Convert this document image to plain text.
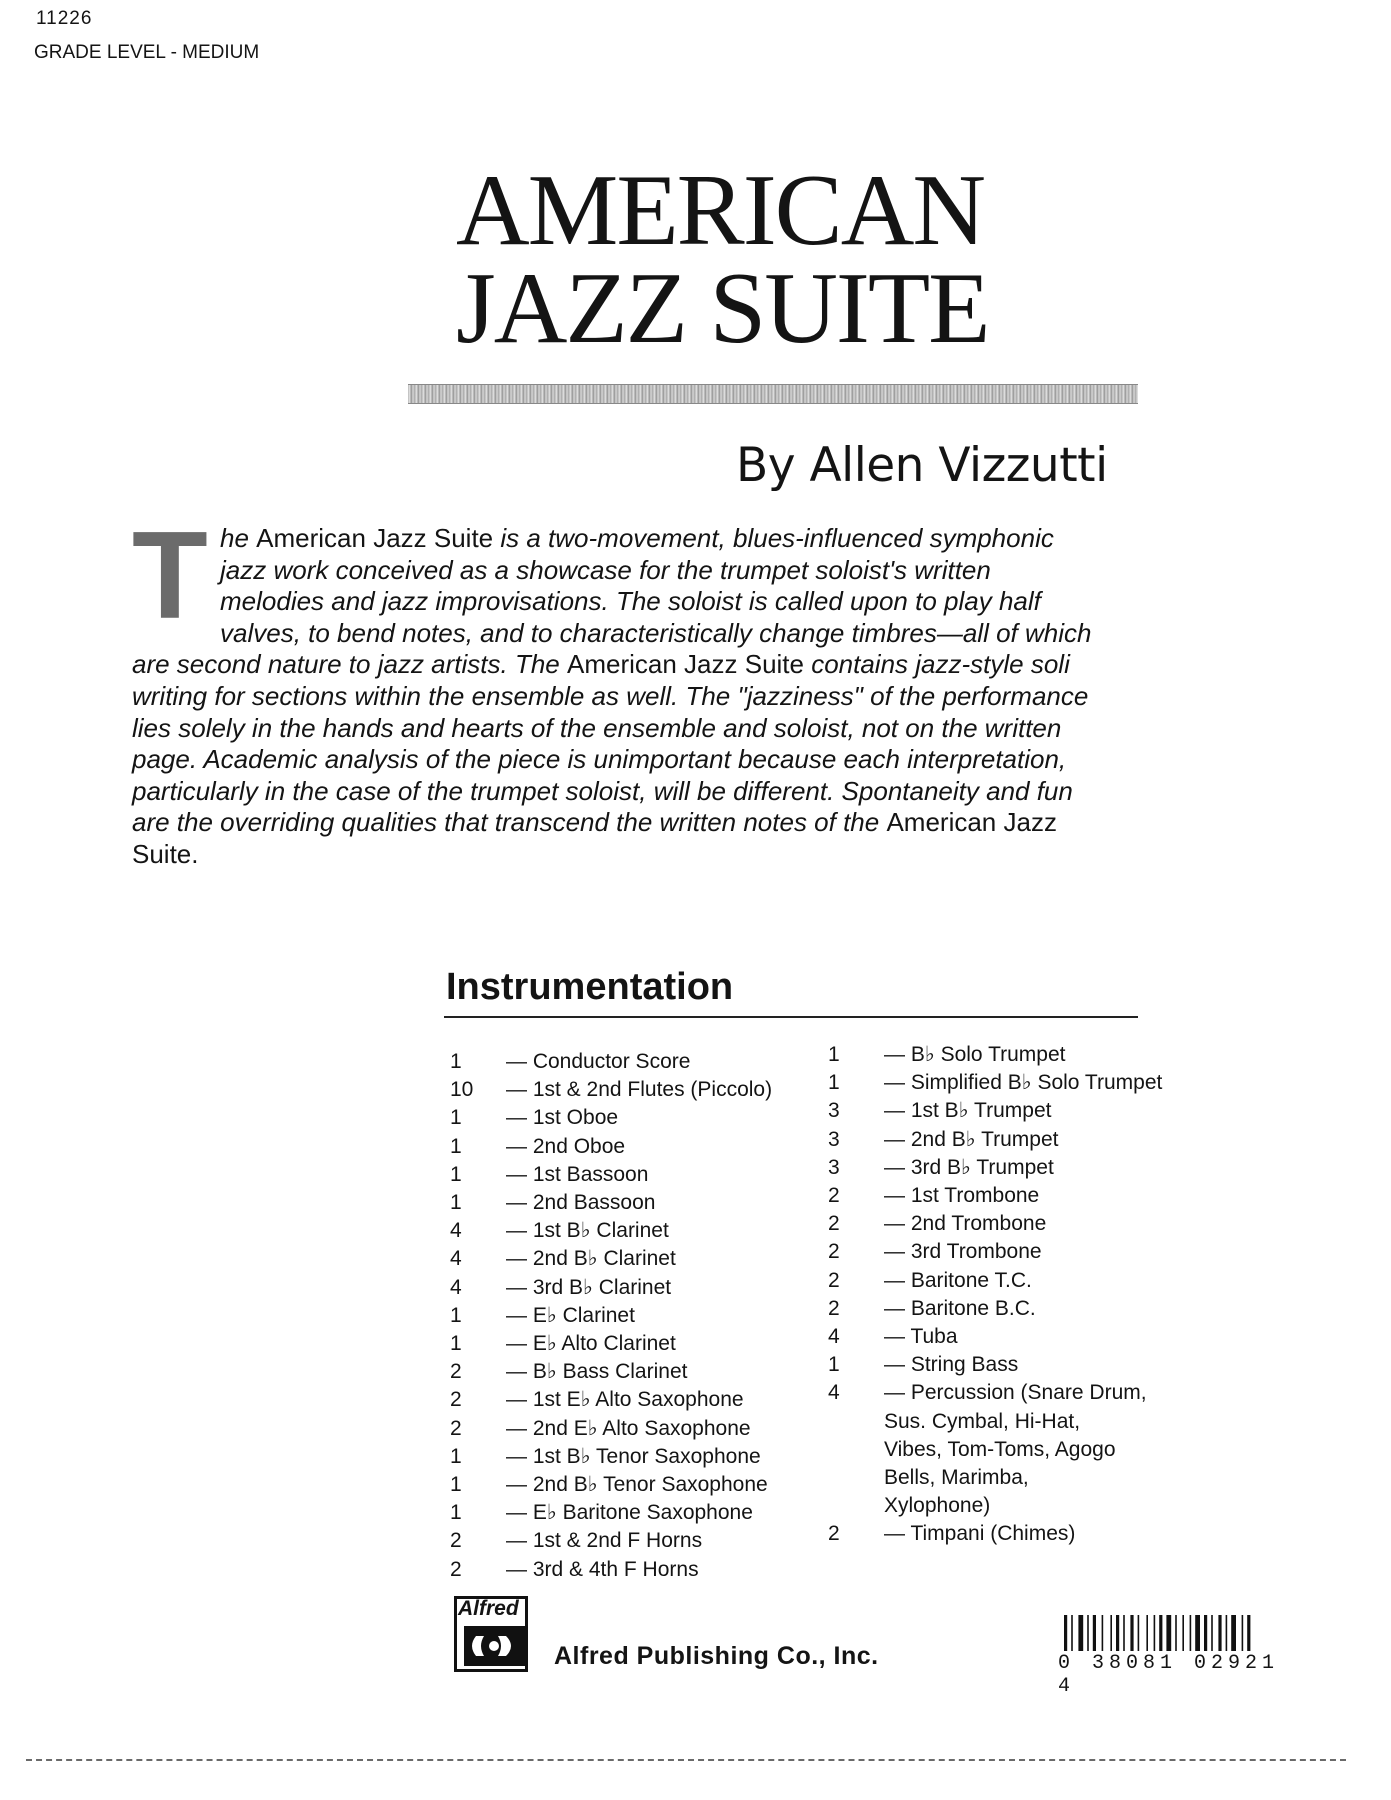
11226
GRADE LEVEL - MEDIUM
AMERICAN
JAZZ SUITE
By Allen Vizzutti
T he American Jazz Suite is a two-movement, blues-influenced symphonic jazz work conceived as a showcase for the trumpet soloist's written melodies and jazz improvisations. The soloist is called upon to play half valves, to bend notes, and to characteristically change timbres—all of which are second nature to jazz artists. The American Jazz Suite contains jazz-style soli writing for sections within the ensemble as well. The "jazziness" of the performance lies solely in the hands and hearts of the ensemble and soloist, not on the written page. Academic analysis of the piece is unimportant because each interpretation, particularly in the case of the trumpet soloist, will be different. Spontaneity and fun are the overriding qualities that transcend the written notes of the American Jazz Suite.
Instrumentation
1	— Conductor Score
10	— 1st & 2nd Flutes (Piccolo)
1	— 1st Oboe
1	— 2nd Oboe
1	— 1st Bassoon
1	— 2nd Bassoon
4	— 1st B♭ Clarinet
4	— 2nd B♭ Clarinet
4	— 3rd B♭ Clarinet
1	— E♭ Clarinet
1	— E♭ Alto Clarinet
2	— B♭ Bass Clarinet
2	— 1st E♭ Alto Saxophone
2	— 2nd E♭ Alto Saxophone
1	— 1st B♭ Tenor Saxophone
1	— 2nd B♭ Tenor Saxophone
1	— E♭ Baritone Saxophone
2	— 1st & 2nd F Horns
2	— 3rd & 4th F Horns
1	— B♭ Solo Trumpet
1	— Simplified B♭ Solo Trumpet
3	— 1st B♭ Trumpet
3	— 2nd B♭ Trumpet
3	— 3rd B♭ Trumpet
2	— 1st Trombone
2	— 2nd Trombone
2	— 3rd Trombone
2	— Baritone T.C.
2	— Baritone B.C.
4	— Tuba
1	— String Bass
4	— Percussion (Snare Drum,
Sus. Cymbal, Hi-Hat,
Vibes, Tom-Toms, Agogo
Bells, Marimba,
Xylophone)
2	— Timpani (Chimes)
Alfred
Alfred Publishing Co., Inc.	0 38081 02921 4
